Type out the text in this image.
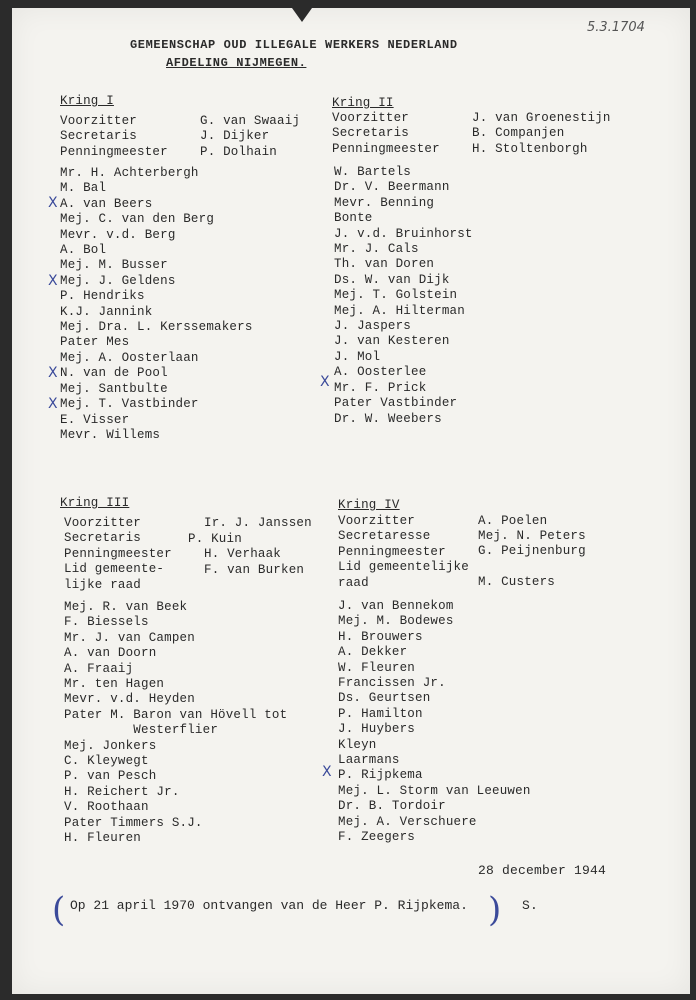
5.3.1704
GEMEENSCHAP OUD ILLEGALE WERKERS NEDERLAND
AFDELING NIJMEGEN.
Kring I
Voorzitter
Secretaris
Penningmeester
G. van Swaaij
J. Dijker
P. Dolhain
Mr. H. Achterbergh
M. Bal
A. van Beers
Mej. C. van den Berg
Mevr. v.d. Berg
A. Bol
Mej. M. Busser
Mej. J. Geldens
P. Hendriks
K.J. Jannink
Mej. Dra. L. Kerssemakers
Pater Mes
Mej. A. Oosterlaan
N. van de Pool
Mej. Santbulte
Mej. T. Vastbinder
E. Visser
Mevr. Willems
Kring II
Voorzitter
Secretaris
Penningmeester
J. van Groenestijn
B. Companjen
H. Stoltenborgh
W. Bartels
Dr. V. Beermann
Mevr. Benning
Bonte
J. v.d. Bruinhorst
Mr. J. Cals
Th. van Doren
Ds. W. van Dijk
Mej. T. Golstein
Mej. A. Hilterman
J. Jaspers
J. van Kesteren
J. Mol
A. Oosterlee
Mr. F. Prick
Pater Vastbinder
Dr. W. Weebers
Kring III
Voorzitter
Secretaris
Penningmeester
Lid gemeente-
lijke raad
Ir. J. Janssen
P. Kuin
H. Verhaak
F. van Burken
Mej. R. van Beek
F. Biessels
Mr. J. van Campen
A. van Doorn
A. Fraaij
Mr. ten Hagen
Mevr. v.d. Heyden
Pater M. Baron van Hövell tot
Westerflier
Mej. Jonkers
C. Kleywegt
P. van Pesch
H. Reichert Jr.
V. Roothaan
Pater Timmers S.J.
H. Fleuren
Kring IV
Voorzitter
Secretaresse
Penningmeester
Lid gemeentelijke
raad
A. Poelen
Mej. N. Peters
G. Peijnenburg
M. Custers
J. van Bennekom
Mej. M. Bodewes
H. Brouwers
A. Dekker
W. Fleuren
Francissen Jr.
Ds. Geurtsen
P. Hamilton
J. Huybers
Kleyn
Laarmans
P. Rijpkema
Mej. L. Storm van Leeuwen
Dr. B. Tordoir
Mej. A. Verschuere
F. Zeegers
X
X
X
X
X
X
28 december 1944
( Op 21 april 1970 ontvangen van de Heer P. Rijpkema. ) S.
